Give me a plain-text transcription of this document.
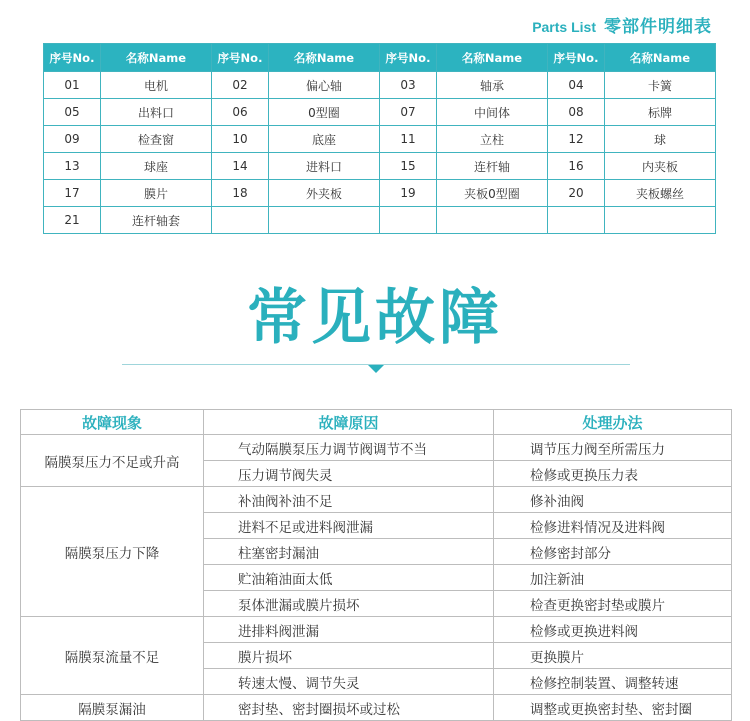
Parts List 零部件明细表
序号No.	名称Name	序号No.	名称Name	序号No.	名称Name	序号No.	名称Name
01	电机	02	偏心轴	03	轴承	04	卡簧
05	出料口	06	0型圈	07	中间体	08	标牌
09	检查窗	10	底座	11	立柱	12	球
13	球座	14	进料口	15	连杆轴	16	内夹板
17	膜片	18	外夹板	19	夹板0型圈	20	夹板螺丝
21	连杆轴套						
常见故障
故障现象	故障原因	处理办法
隔膜泵压力不足或升高	气动隔膜泵压力调节阀调节不当	调节压力阀至所需压力
	压力调节阀失灵	检修或更换压力表
隔膜泵压力下降	补油阀补油不足	修补油阀
	进料不足或进料阀泄漏	检修进料情况及进料阀
	柱塞密封漏油	检修密封部分
	贮油箱油面太低	加注新油
	泵体泄漏或膜片损坏	检查更换密封垫或膜片
隔膜泵流量不足	进排料阀泄漏	检修或更换进料阀
	膜片损坏	更换膜片
	转速太慢、调节失灵	检修控制装置、调整转速
隔膜泵漏油	密封垫、密封圈损坏或过松	调整或更换密封垫、密封圈
